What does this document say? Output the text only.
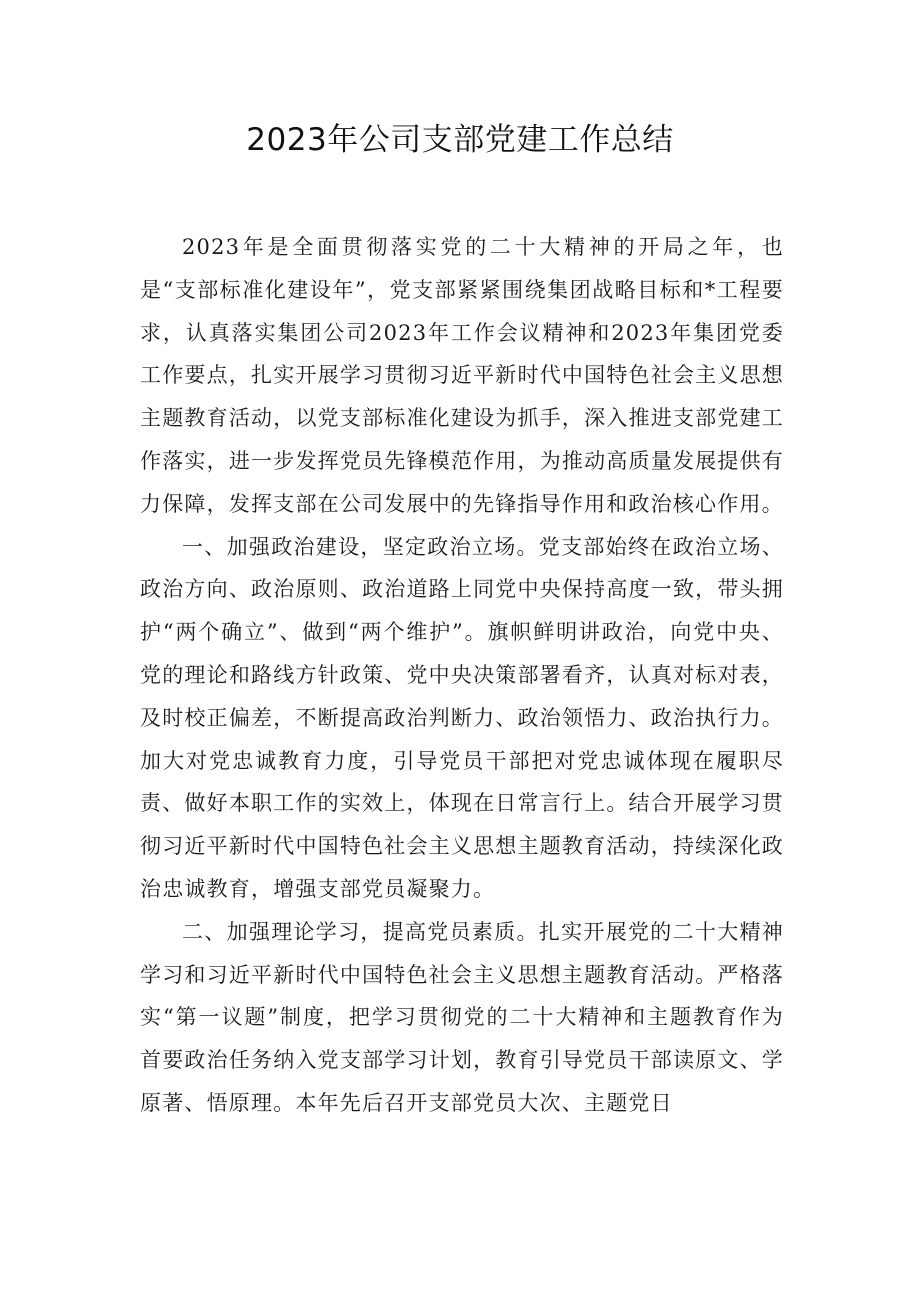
2023年公司支部党建工作总结

2023年是全面贯彻落实党的二十大精神的开局之年，也是“支部标准化建设年”，党支部紧紧围绕集团战略目标和*工程要求，认真落实集团公司2023年工作会议精神和2023年集团党委工作要点，扎实开展学习贯彻习近平新时代中国特色社会主义思想主题教育活动，以党支部标准化建设为抓手，深入推进支部党建工作落实，进一步发挥党员先锋模范作用，为推动高质量发展提供有力保障，发挥支部在公司发展中的先锋指导作用和政治核心作用。

一、加强政治建设，坚定政治立场。党支部始终在政治立场、政治方向、政治原则、政治道路上同党中央保持高度一致，带头拥护“两个确立”、做到“两个维护”。旗帜鲜明讲政治，向党中央、党的理论和路线方针政策、党中央决策部署看齐，认真对标对表，及时校正偏差，不断提高政治判断力、政治领悟力、政治执行力。加大对党忠诚教育力度，引导党员干部把对党忠诚体现在履职尽责、做好本职工作的实效上，体现在日常言行上。结合开展学习贯彻习近平新时代中国特色社会主义思想主题教育活动，持续深化政治忠诚教育，增强支部党员凝聚力。

二、加强理论学习，提高党员素质。扎实开展党的二十大精神学习和习近平新时代中国特色社会主义思想主题教育活动。严格落实“第一议题”制度，把学习贯彻党的二十大精神和主题教育作为首要政治任务纳入党支部学习计划，教育引导党员干部读原文、学原著、悟原理。本年先后召开支部党员大次、主题党日
